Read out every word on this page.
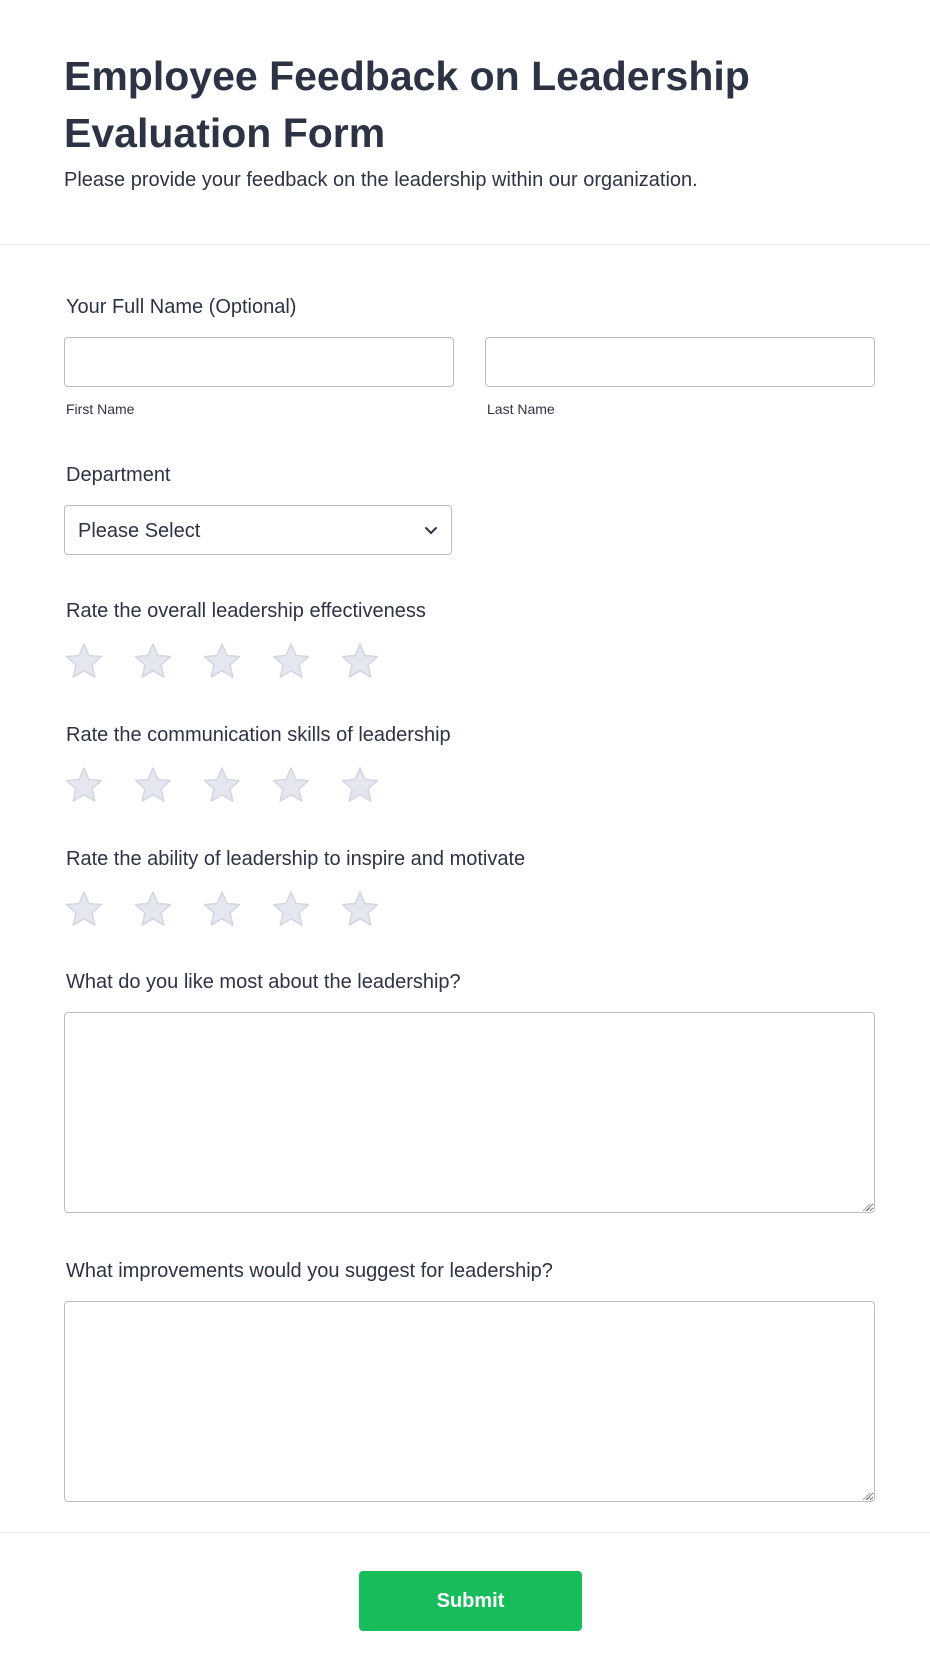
Employee Feedback on Leadership Evaluation Form

Please provide your feedback on the leadership within our organization.

Your Full Name (Optional)
First Name	Last Name
Department
Please Select
Rate the overall leadership effectiveness
Rate the communication skills of leadership
Rate the ability of leadership to inspire and motivate
What do you like most about the leadership?
What improvements would you suggest for leadership?
Submit
